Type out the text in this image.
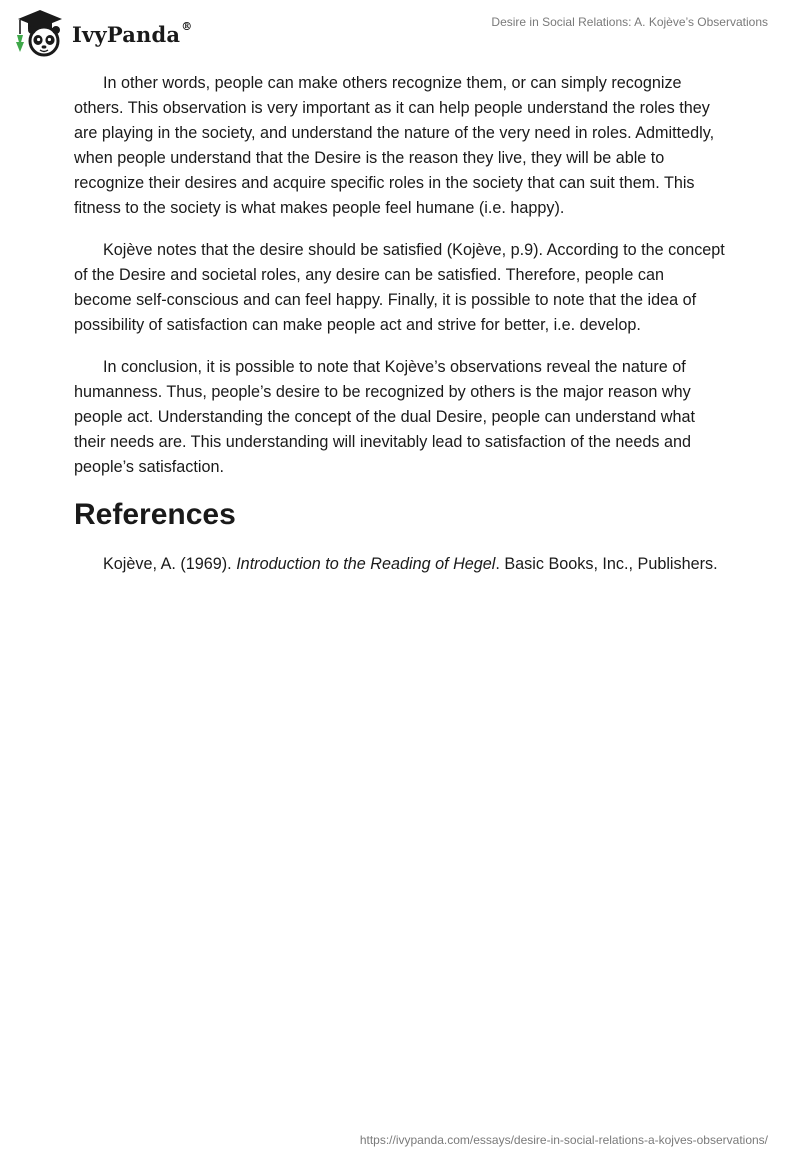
IvyPanda®	Desire in Social Relations: A. Kojève’s Observations

In other words, people can make others recognize them, or can simply recognize others. This observation is very important as it can help people understand the roles they are playing in the society, and understand the nature of the very need in roles. Admittedly, when people understand that the Desire is the reason they live, they will be able to recognize their desires and acquire specific roles in the society that can suit them. This fitness to the society is what makes people feel humane (i.e. happy).

Kojève notes that the desire should be satisfied (Kojève, p.9). According to the concept of the Desire and societal roles, any desire can be satisfied. Therefore, people can become self-conscious and can feel happy. Finally, it is possible to note that the idea of possibility of satisfaction can make people act and strive for better, i.e. develop.

In conclusion, it is possible to note that Kojève’s observations reveal the nature of humanness. Thus, people’s desire to be recognized by others is the major reason why people act. Understanding the concept of the dual Desire, people can understand what their needs are. This understanding will inevitably lead to satisfaction of the needs and people’s satisfaction.

References

Kojève, A. (1969). Introduction to the Reading of Hegel. Basic Books, Inc., Publishers.

https://ivypanda.com/essays/desire-in-social-relations-a-kojves-observations/
